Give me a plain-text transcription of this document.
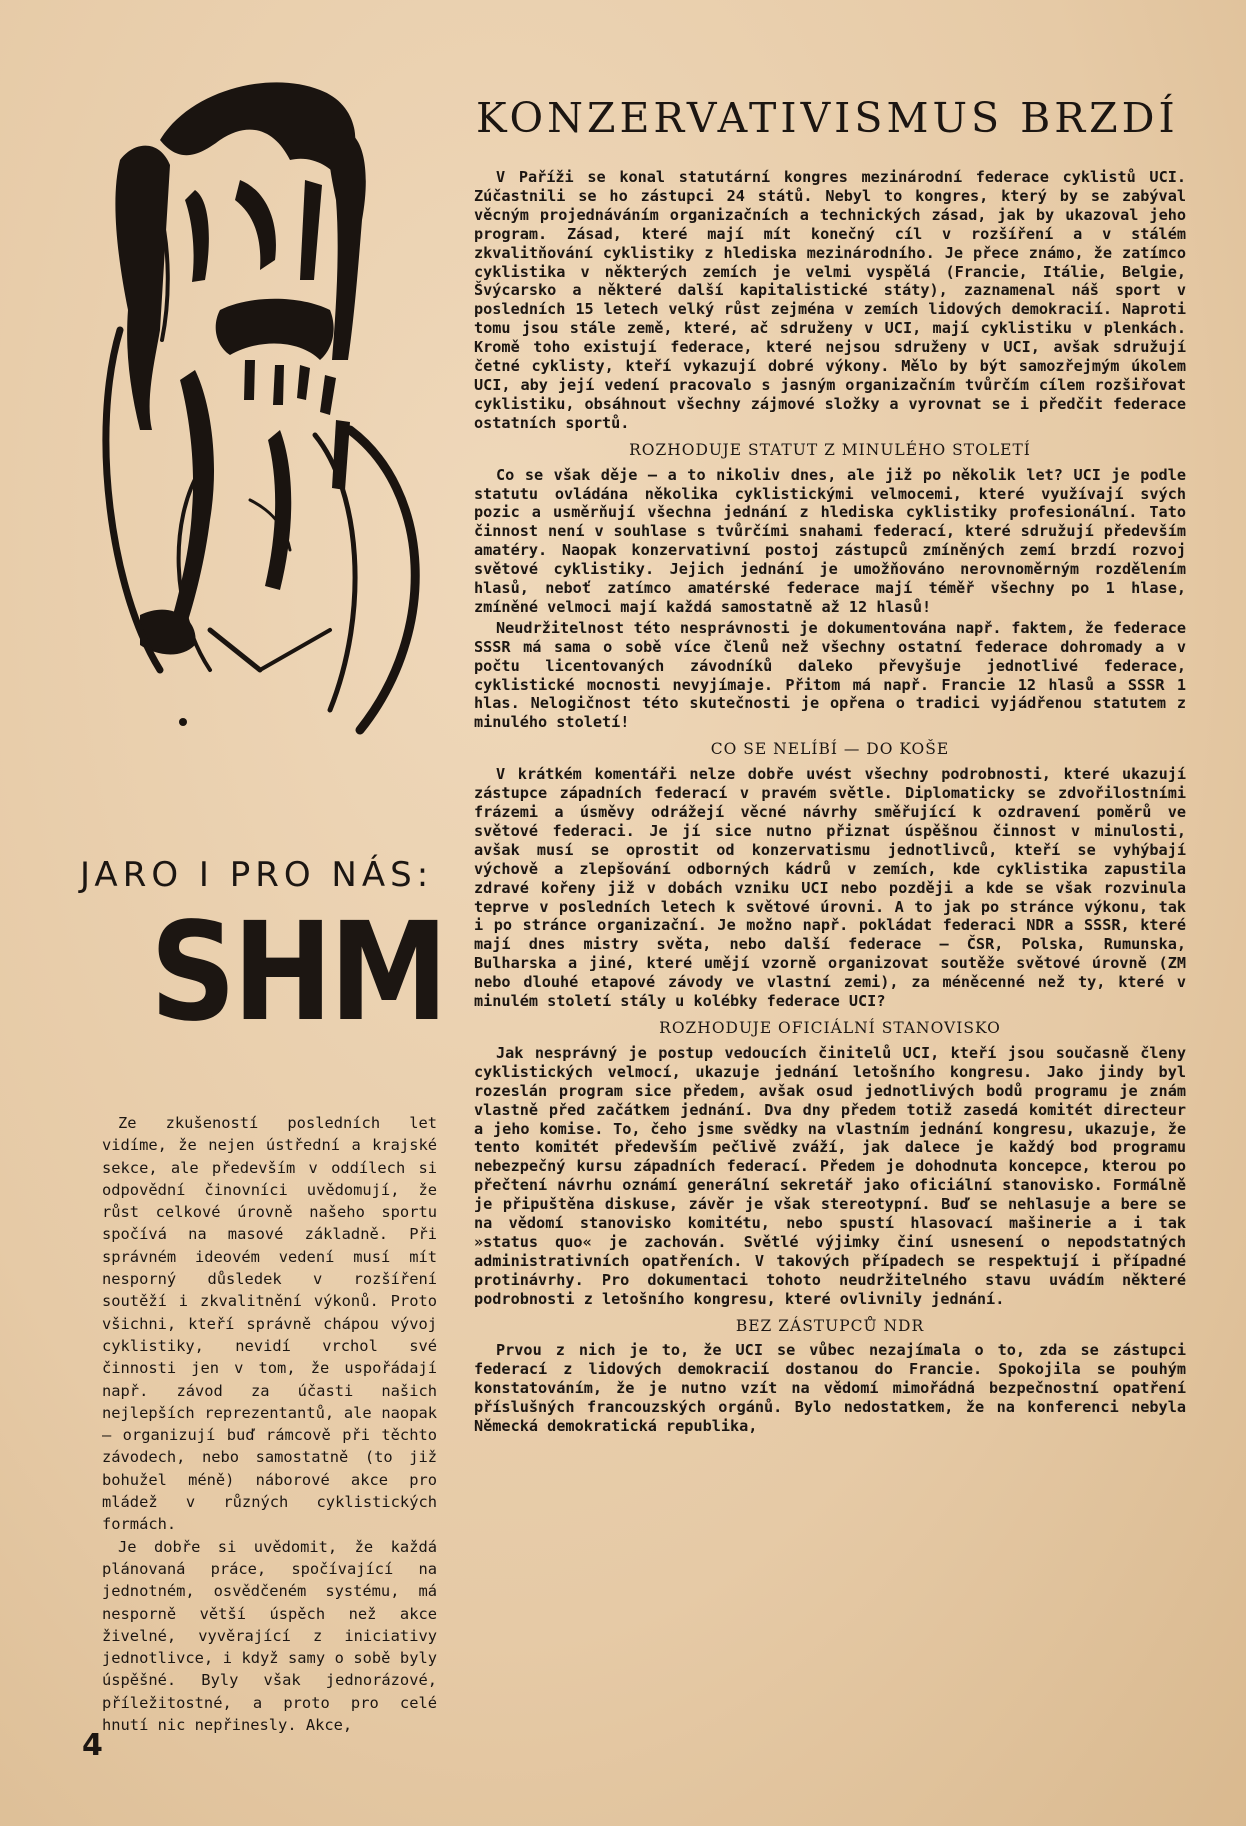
JARO I PRO NÁS:
SHM

Ze zkušeností posledních let vidíme, že nejen ústřední a krajské sekce, ale především v oddílech si odpovědní činovníci uvědomují, že růst celkové úrovně našeho sportu spočívá na masové základně. Při správném ideovém vedení musí mít nesporný důsledek v rozšíření soutěží i zkvalitnění výkonů. Proto všichni, kteří správně chápou vývoj cyklistiky, nevidí vrchol své činnosti jen v tom, že uspořádají např. závod za účasti našich nejlepších reprezentantů, ale naopak — organizují buď rámcově při těchto závodech, nebo samostatně (to již bohužel méně) náborové akce pro mládež v různých cyklistických formách.

Je dobře si uvědomit, že každá plánovaná práce, spočívající na jednotném, osvědčeném systému, má nesporně větší úspěch než akce živelné, vyvěrající z iniciativy jednotlivce, i když samy o sobě byly úspěšné. Byly však jednorázové, příležitostné, a proto pro celé hnutí nic nepřinesly. Akce,

4
KONZERVATIVISMUS BRZDÍ

V Paříži se konal statutární kongres mezinárodní federace cyklistů UCI. Zúčastnili se ho zástupci 24 států. Nebyl to kongres, který by se zabýval věcným projednáváním organizačních a technických zásad, jak by ukazoval jeho program. Zásad, které mají mít konečný cíl v rozšíření a v stálém zkvalitňování cyklistiky z hlediska mezinárodního. Je přece známo, že zatímco cyklistika v některých zemích je velmi vyspělá (Francie, Itálie, Belgie, Švýcarsko a některé další kapitalistické státy), zaznamenal náš sport v posledních 15 letech velký růst zejména v zemích lidových demokracií. Naproti tomu jsou stále země, které, ač sdruženy v UCI, mají cyklistiku v plenkách. Kromě toho existují federace, které nejsou sdruženy v UCI, avšak sdružují četné cyklisty, kteří vykazují dobré výkony. Mělo by být samozřejmým úkolem UCI, aby její vedení pracovalo s jasným organizačním tvůrčím cílem rozšiřovat cyklistiku, obsáhnout všechny zájmové složky a vyrovnat se i předčit federace ostatních sportů.

ROZHODUJE STATUT Z MINULÉHO STOLETÍ

Co se však děje — a to nikoliv dnes, ale již po několik let? UCI je podle statutu ovládána několika cyklistickými velmocemi, které využívají svých pozic a usměrňují všechna jednání z hlediska cyklistiky profesionální. Tato činnost není v souhlase s tvůrčími snahami federací, které sdružují především amatéry. Naopak konzervativní postoj zástupců zmíněných zemí brzdí rozvoj světové cyklistiky. Jejich jednání je umožňováno nerovnoměrným rozdělením hlasů, neboť zatímco amatérské federace mají téměř všechny po 1 hlase, zmíněné velmoci mají každá samostatně až 12 hlasů!

Neudržitelnost této nesprávnosti je dokumentována např. faktem, že federace SSSR má sama o sobě více členů než všechny ostatní federace dohromady a v počtu licentovaných závodníků daleko převyšuje jednotlivé federace, cyklistické mocnosti nevyjímaje. Přitom má např. Francie 12 hlasů a SSSR 1 hlas. Nelogičnost této skutečnosti je opřena o tradici vyjádřenou statutem z minulého století!

CO SE NELÍBÍ — DO KOŠE

V krátkém komentáři nelze dobře uvést všechny podrobnosti, které ukazují zástupce západních federací v pravém světle. Diplomaticky se zdvořilostními frázemi a úsměvy odrážejí věcné návrhy směřující k ozdravení poměrů ve světové federaci. Je jí sice nutno přiznat úspěšnou činnost v minulosti, avšak musí se oprostit od konzervatismu jednotlivců, kteří se vyhýbají výchově a zlepšování odborných kádrů v zemích, kde cyklistika zapustila zdravé kořeny již v dobách vzniku UCI nebo později a kde se však rozvinula teprve v posledních letech k světové úrovni. A to jak po stránce výkonu, tak i po stránce organizační. Je možno např. pokládat federaci NDR a SSSR, které mají dnes mistry světa, nebo další federace — ČSR, Polska, Rumunska, Bulharska a jiné, které umějí vzorně organizovat soutěže světové úrovně (ZM nebo dlouhé etapové závody ve vlastní zemi), za méněcenné než ty, které v minulém století stály u kolébky federace UCI?

ROZHODUJE OFICIÁLNÍ STANOVISKO

Jak nesprávný je postup vedoucích činitelů UCI, kteří jsou současně členy cyklistických velmocí, ukazuje jednání letošního kongresu. Jako jindy byl rozeslán program sice předem, avšak osud jednotlivých bodů programu je znám vlastně před začátkem jednání. Dva dny předem totiž zasedá komitét directeur a jeho komise. To, čeho jsme svědky na vlastním jednání kongresu, ukazuje, že tento komitét především pečlivě zváží, jak dalece je každý bod programu nebezpečný kursu západních federací. Předem je dohodnuta koncepce, kterou po přečtení návrhu oznámí generální sekretář jako oficiální stanovisko. Formálně je připuštěna diskuse, závěr je však stereotypní. Buď se nehlasuje a bere se na vědomí stanovisko komitétu, nebo spustí hlasovací mašinerie a i tak »status quo« je zachován. Světlé výjimky činí usnesení o nepodstatných administrativních opatřeních. V takových případech se respektují i případné protinávrhy. Pro dokumentaci tohoto neudržitelného stavu uvádím některé podrobnosti z letošního kongresu, které ovlivnily jednání.

BEZ ZÁSTUPCŮ NDR

Prvou z nich je to, že UCI se vůbec nezajímala o to, zda se zástupci federací z lidových demokracií dostanou do Francie. Spokojila se pouhým konstatováním, že je nutno vzít na vědomí mimořádná bezpečnostní opatření příslušných francouzských orgánů. Bylo nedostatkem, že na konferenci nebyla Německá demokratická republika,
